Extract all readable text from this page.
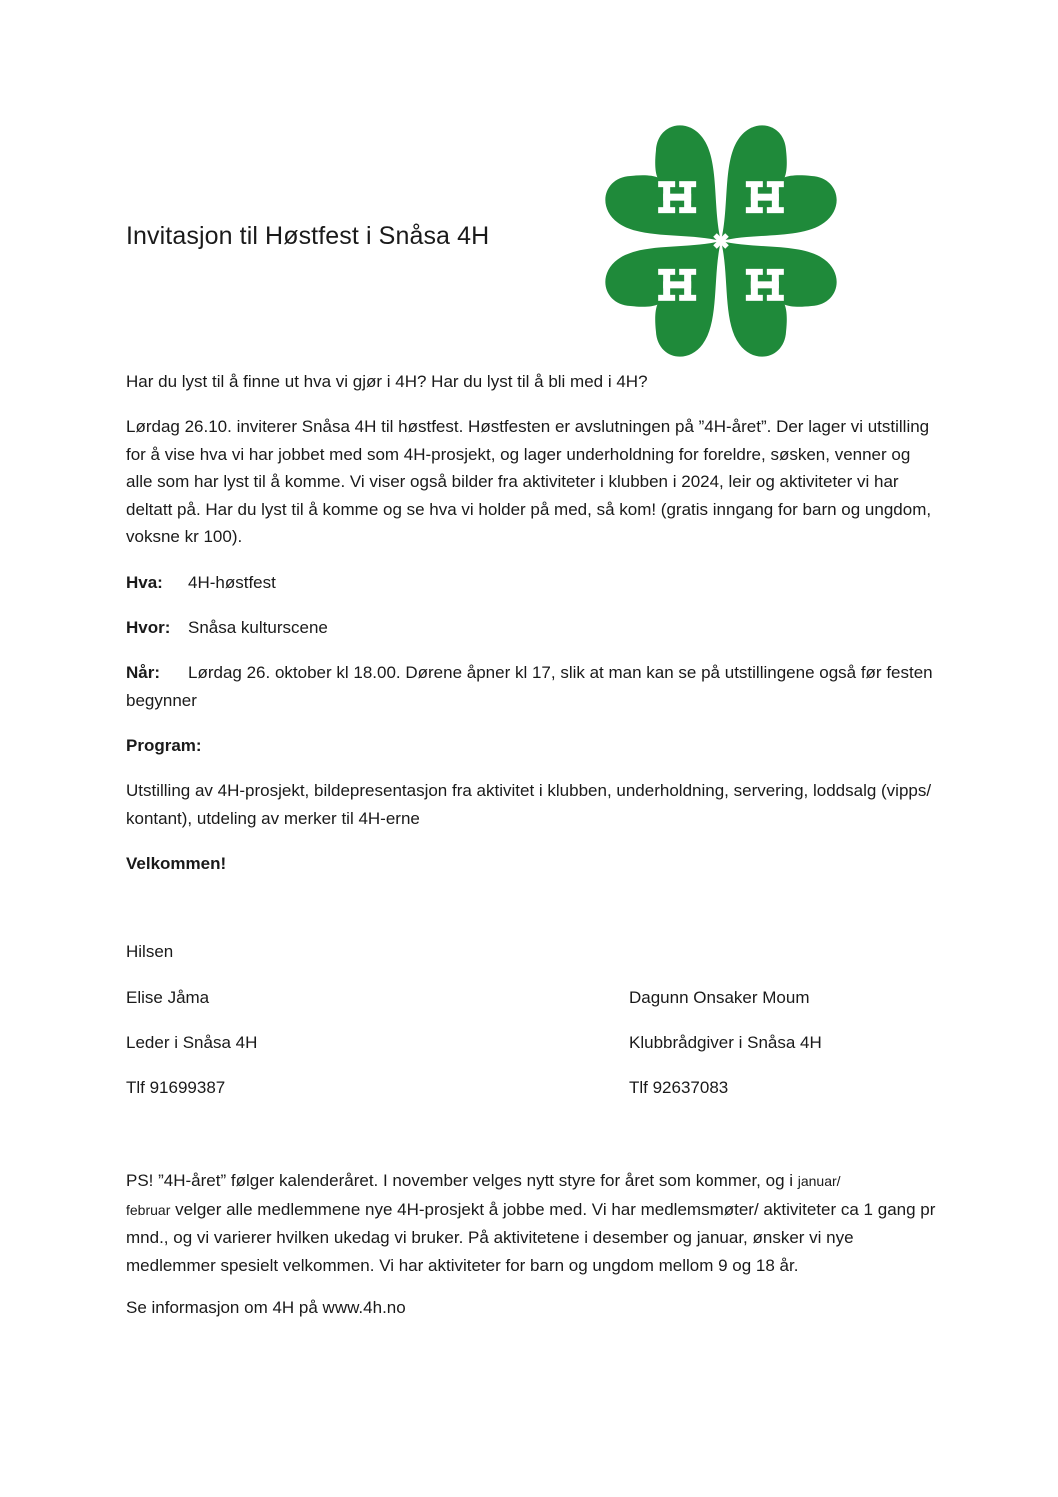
Invitasjon til Høstfest i Snåsa 4H

Har du lyst til å finne ut hva vi gjør i 4H? Har du lyst til å bli med i 4H?

Lørdag 26.10. inviterer Snåsa 4H til høstfest. Høstfesten er avslutningen på ”4H-året”. Der lager vi utstilling for å vise hva vi har jobbet med som 4H-prosjekt, og lager underholdning for foreldre, søsken, venner og alle som har lyst til å komme. Vi viser også bilder fra aktiviteter i klubben i 2024, leir og aktiviteter vi har deltatt på. Har du lyst til å komme og se hva vi holder på med, så kom! (gratis inngang for barn og ungdom, voksne kr 100).

Hva: 4H-høstfest

Hvor: Snåsa kulturscene

Når: Lørdag 26. oktober kl 18.00. Dørene åpner kl 17, slik at man kan se på utstillingene også før festen begynner

Program:

Utstilling av 4H-prosjekt, bildepresentasjon fra aktivitet i klubben, underholdning, servering, loddsalg (vipps/ kontant), utdeling av merker til 4H-erne

Velkommen!

Hilsen

Elise Jåma

Leder i Snåsa 4H

Tlf 91699387

Dagunn Onsaker Moum

Klubbrådgiver i Snåsa 4H

Tlf 92637083

PS! ”4H-året” følger kalenderåret. I november velges nytt styre for året som kommer, og i januar/
februar velger alle medlemmene nye 4H-prosjekt å jobbe med. Vi har medlemsmøter/ aktiviteter ca 1 gang pr mnd., og vi varierer hvilken ukedag vi bruker. På aktivitetene i desember og januar, ønsker vi nye medlemmer spesielt velkommen. Vi har aktiviteter for barn og ungdom mellom 9 og 18 år.

Se informasjon om 4H på www.4h.no
